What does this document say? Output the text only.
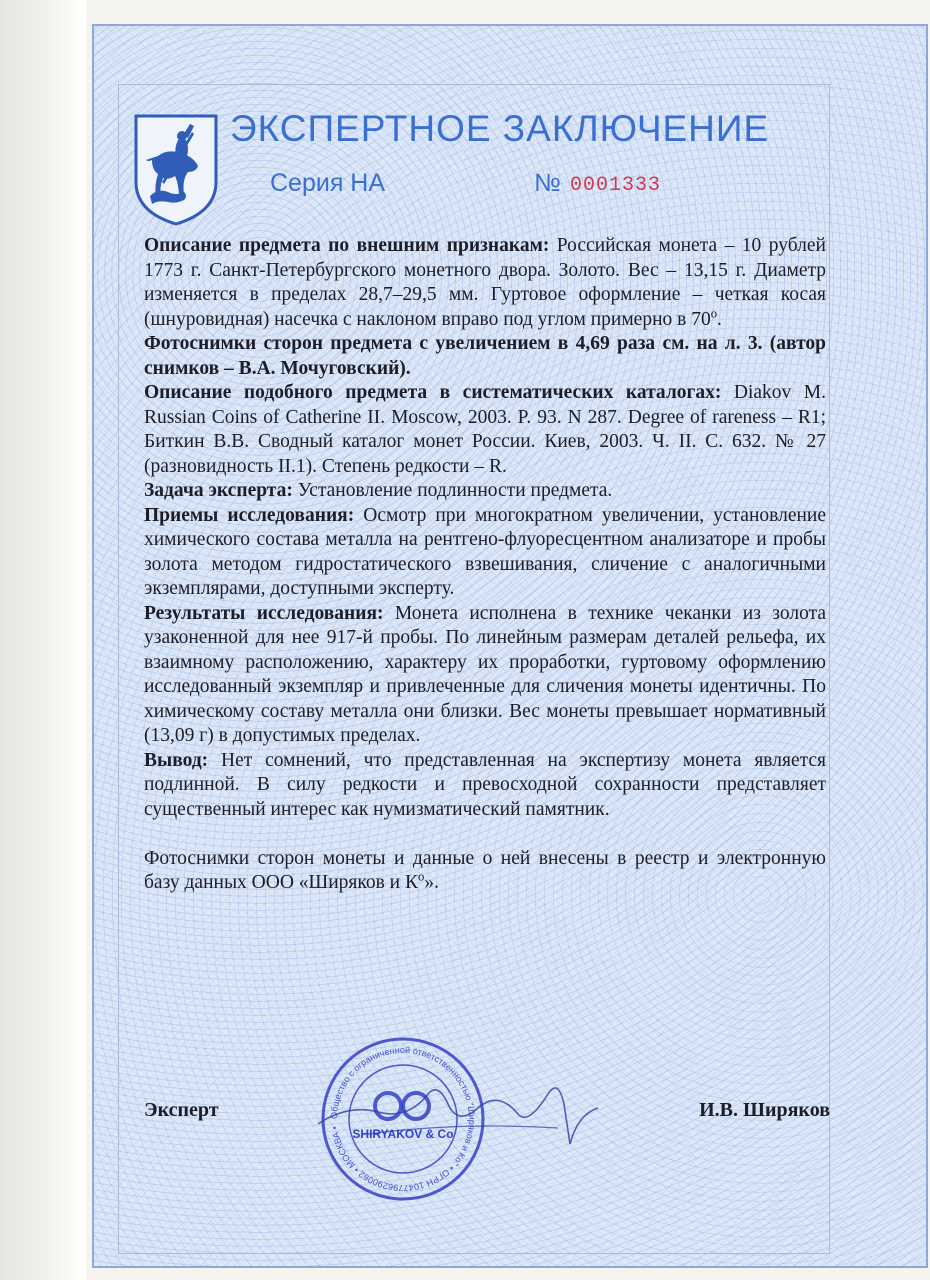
ЭКСПЕРТНОЕ ЗАКЛЮЧЕНИЕ
Серия НА	№ 0001333

Описание предмета по внешним признакам: Российская монета – 10 рублей 1773 г. Санкт-Петербургского монетного двора. Золото. Вес – 13,15 г. Диаметр изменяется в пределах 28,7–29,5 мм. Гуртовое оформление – четкая косая (шнуровидная) насечка с наклоном вправо под углом примерно в $70^о$.

Фотоснимки сторон предмета с увеличением в 4,69 раза см. на л. 3. (автор снимков – В.А. Мочуговский).

Описание подобного предмета в систематических каталогах: Diakov M. Russian Coins of Catherine II. Moscow, 2003. P. 93. N 287. Degree of rareness – R1; Биткин В.В. Сводный каталог монет России. Киев, 2003. Ч. II. С. 632. № 27 (разновидность II.1). Степень редкости – R.

Задача эксперта: Установление подлинности предмета.

Приемы исследования: Осмотр при многократном увеличении, установление химического состава металла на рентгено-флуоресцентном анализаторе и пробы золота методом гидростатического взвешивания, сличение с аналогичными экземплярами, доступными эксперту.

Результаты исследования: Монета исполнена в технике чеканки из золота узаконенной для нее 917-й пробы. По линейным размерам деталей рельефа, их взаимному расположению, характеру их проработки, гуртовому оформлению исследованный экземпляр и привлеченные для сличения монеты идентичны. По химическому составу металла они близки. Вес монеты превышает нормативный (13,09 г) в допустимых пределах.

Вывод: Нет сомнений, что представленная на экспертизу монета является подлинной. В силу редкости и превосходной сохранности представляет существенный интерес как нумизматический памятник.

Фотоснимки сторон монеты и данные о ней внесены в реестр и электронную базу данных ООО «Ширяков и $К^о$».

Общество с ограниченной ответственностью "Ширяков и Ко" • ОГРН 1047796290062 • МОСКВА •	SHIRYAKOV & Co
Эксперт	И.В. Ширяков
